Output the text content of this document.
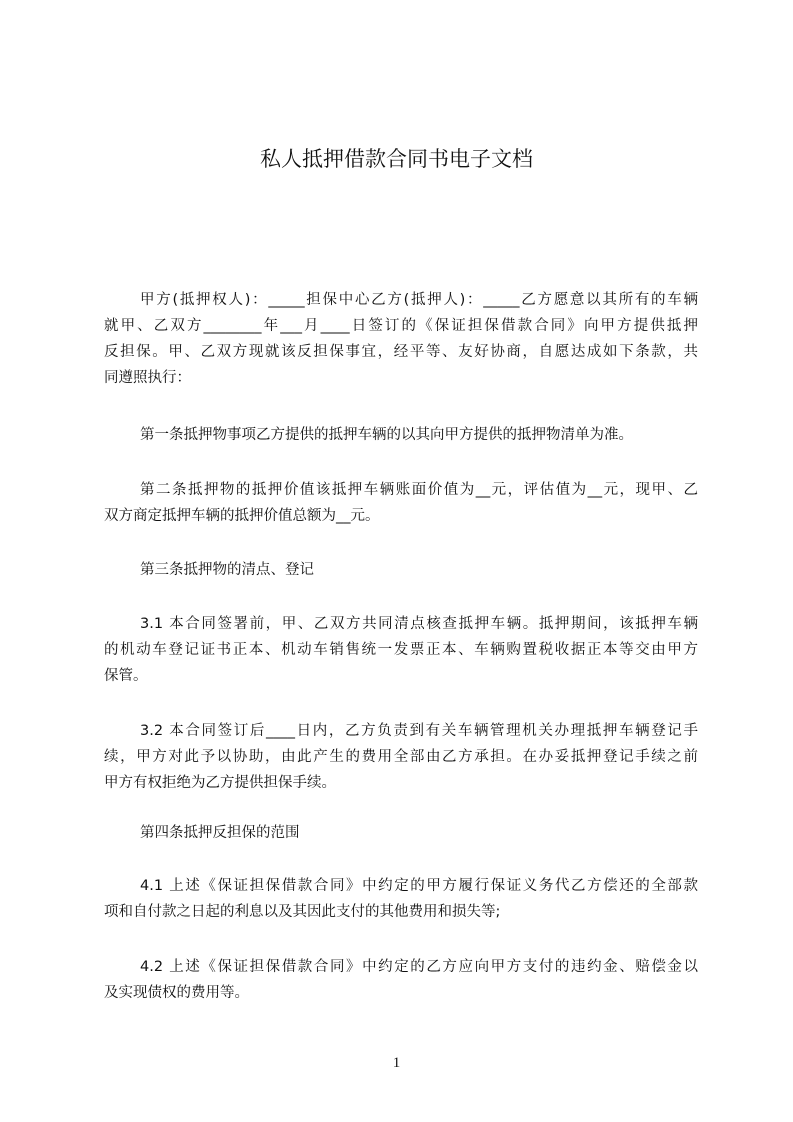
私人抵押借款合同书电子文档
甲方(抵押权人)：_____担保中心乙方(抵押人)：_____乙方愿意以其所有的车辆
就甲、乙双方________年___月____日签订的《保证担保借款合同》向甲方提供抵押
反担保。甲、乙双方现就该反担保事宜，经平等、友好协商，自愿达成如下条款，共
同遵照执行：
第一条抵押物事项乙方提供的抵押车辆的以其向甲方提供的抵押物清单为准。
第二条抵押物的抵押价值该抵押车辆账面价值为__元，评估值为__元，现甲、乙
双方商定抵押车辆的抵押价值总额为__元。
第三条抵押物的清点、登记
3.1 本合同签署前，甲、乙双方共同清点核查抵押车辆。抵押期间，该抵押车辆
的机动车登记证书正本、机动车销售统一发票正本、车辆购置税收据正本等交由甲方
保管。
3.2 本合同签订后____日内，乙方负责到有关车辆管理机关办理抵押车辆登记手
续，甲方对此予以协助，由此产生的费用全部由乙方承担。在办妥抵押登记手续之前
甲方有权拒绝为乙方提供担保手续。
第四条抵押反担保的范围
4.1 上述《保证担保借款合同》中约定的甲方履行保证义务代乙方偿还的全部款
项和自付款之日起的利息以及其因此支付的其他费用和损失等;
4.2 上述《保证担保借款合同》中约定的乙方应向甲方支付的违约金、赔偿金以
及实现债权的费用等。
1
